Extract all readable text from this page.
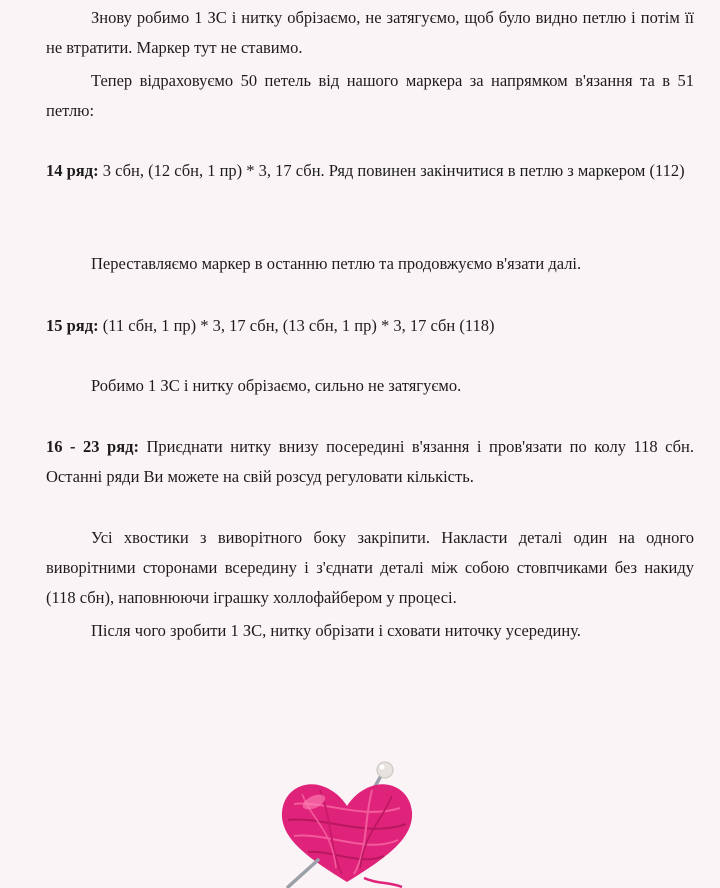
Знову робимо 1 ЗС і нитку обрізаємо, не затягуємо, щоб було видно петлю і потім її не втратити. Маркер тут не ставимо.

Тепер відраховуємо 50 петель від нашого маркера за напрямком в'язання та в 51 петлю:

14 ряд: 3 сбн, (12 сбн, 1 пр) * 3, 17 сбн. Ряд повинен закінчитися в петлю з маркером (112)

Переставляємо маркер в останню петлю та продовжуємо в'язати далі.

15 ряд: (11 сбн, 1 пр) * 3, 17 сбн, (13 сбн, 1 пр) * 3, 17 сбн (118)

Робимо 1 ЗС і нитку обрізаємо, сильно не затягуємо.

16 - 23 ряд: Приєднати нитку внизу посередині в'язання і пров'язати по колу 118 сбн. Останні ряди Ви можете на свій розсуд регуловати кількість.

Усі хвостики з виворітного боку закріпити. Накласти деталі один на одного виворітними сторонами всередину і з'єднати деталі між собою стовпчиками без накиду (118 сбн), наповнюючи іграшку холлофайбером у процесі.

Після чого зробити 1 ЗС, нитку обрізати і сховати ниточку усередину.
